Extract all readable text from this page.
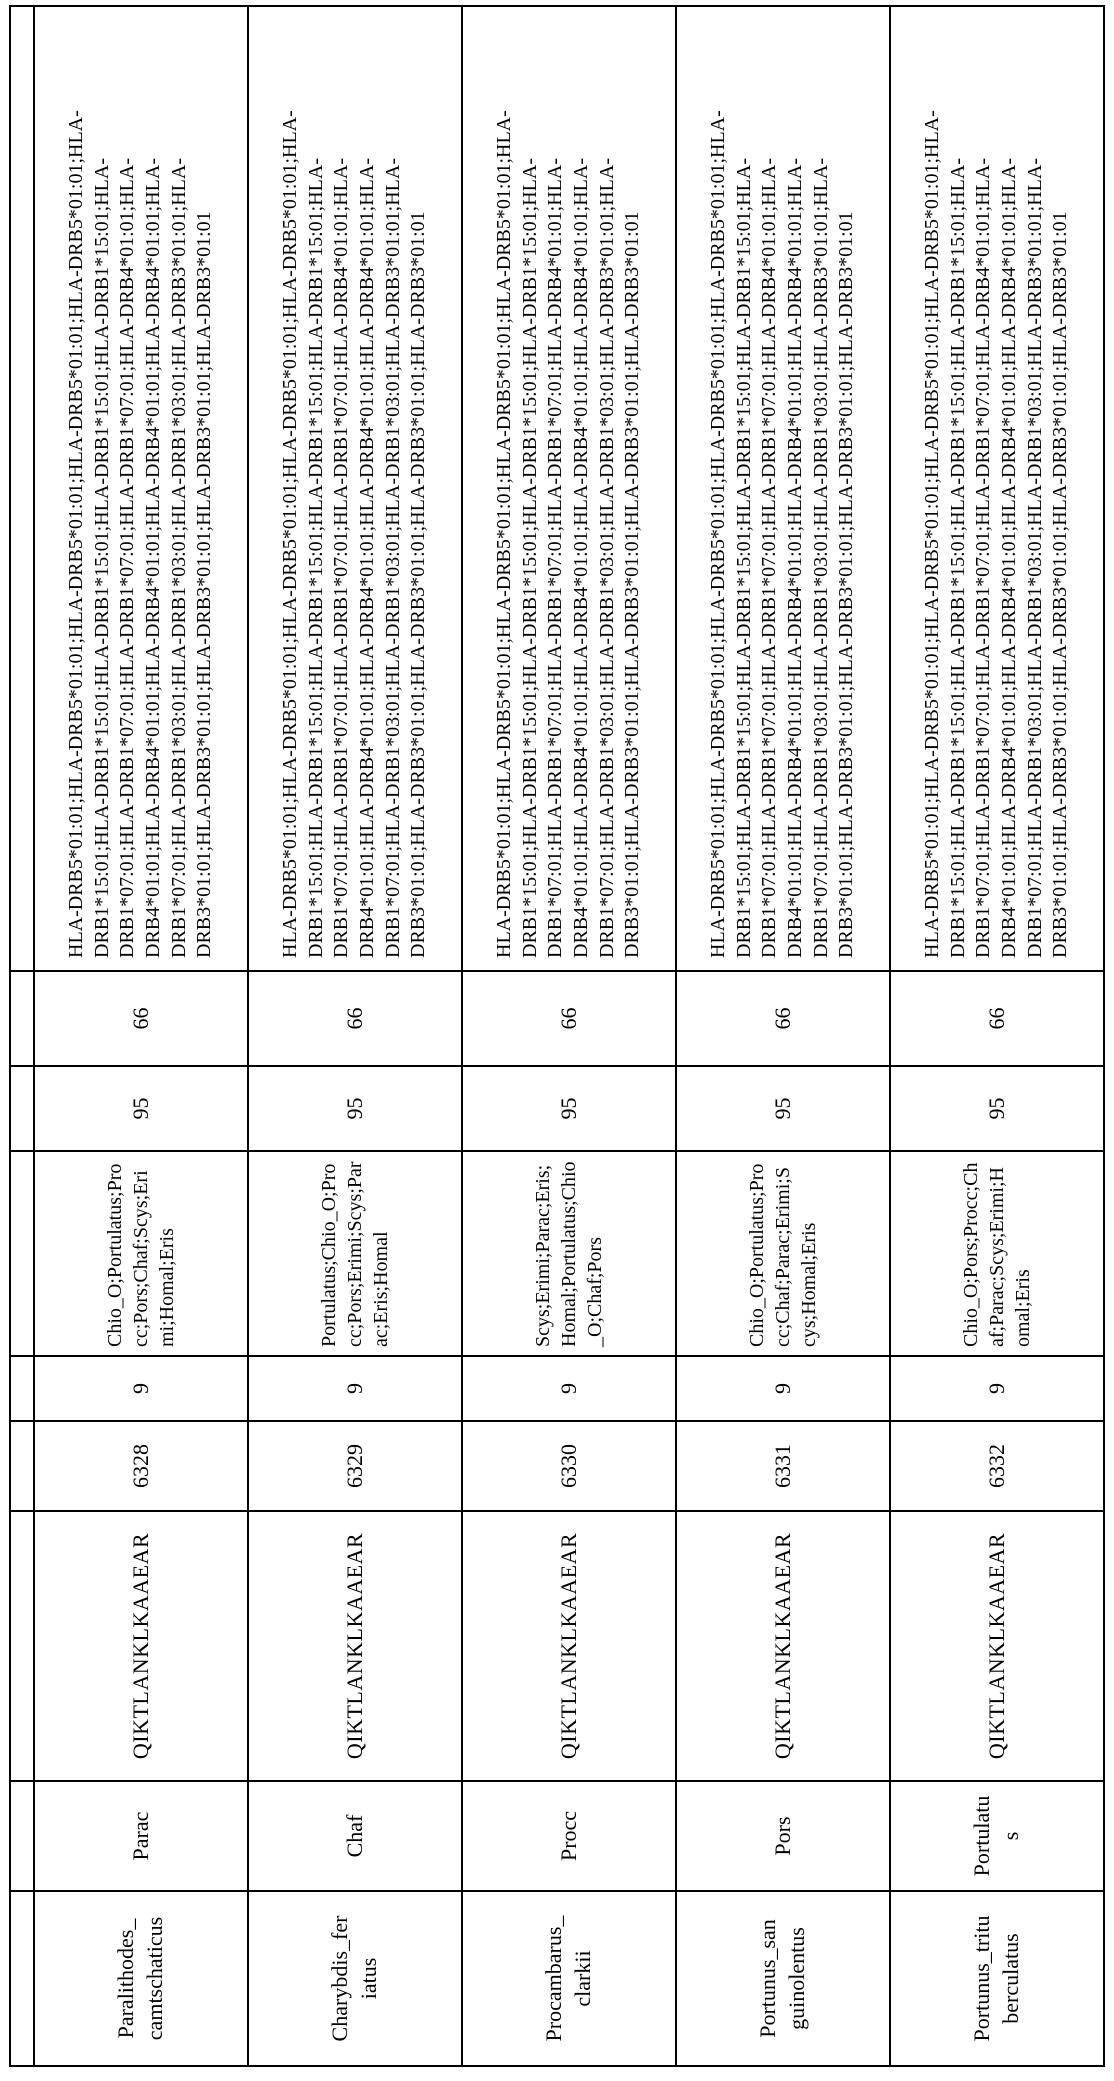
Paralithodes_camtschaticus	Parac	QIKTLANKLKAAEAR	6328	9	Chio_O;Portulatus;Procc;Pors;Chaf;Scys;Erimi;Homal;Eris	95	66	HLA-DRB5*01:01;HLA-DRB5*01:01;HLA-DRB5*01:01;HLA-DRB5*01:01;HLA-DRB5*01:01;HLA-DRB1*15:01;HLA-DRB1*15:01;HLA-DRB1*15:01;HLA-DRB1*15:01;HLA-DRB1*15:01;HLA-DRB1*07:01;HLA-DRB1*07:01;HLA-DRB1*07:01;HLA-DRB1*07:01;HLA-DRB4*01:01;HLA-DRB4*01:01;HLA-DRB4*01:01;HLA-DRB4*01:01;HLA-DRB4*01:01;HLA-DRB4*01:01;HLA-DRB1*07:01;HLA-DRB1*03:01;HLA-DRB1*03:01;HLA-DRB1*03:01;HLA-DRB3*01:01;HLA-DRB3*01:01;HLA-DRB3*01:01;HLA-DRB3*01:01;HLA-DRB3*01:01;HLA-DRB3*01:01
Charybdis_feriatus	Chaf	QIKTLANKLKAAEAR	6329	9	Portulatus;Chio_O;Procc;Pors;Erimi;Scys;Parac;Eris;Homal	95	66	HLA-DRB5*01:01;HLA-DRB5*01:01;HLA-DRB5*01:01;HLA-DRB5*01:01;HLA-DRB5*01:01;HLA-DRB1*15:01;HLA-DRB1*15:01;HLA-DRB1*15:01;HLA-DRB1*15:01;HLA-DRB1*15:01;HLA-DRB1*07:01;HLA-DRB1*07:01;HLA-DRB1*07:01;HLA-DRB1*07:01;HLA-DRB4*01:01;HLA-DRB4*01:01;HLA-DRB4*01:01;HLA-DRB4*01:01;HLA-DRB4*01:01;HLA-DRB4*01:01;HLA-DRB1*07:01;HLA-DRB1*03:01;HLA-DRB1*03:01;HLA-DRB1*03:01;HLA-DRB3*01:01;HLA-DRB3*01:01;HLA-DRB3*01:01;HLA-DRB3*01:01;HLA-DRB3*01:01;HLA-DRB3*01:01
Procambarus_clarkii	Procc	QIKTLANKLKAAEAR	6330	9	Scys;Erimi;Parac;Eris;Homal;Portulatus;Chio_O;Chaf;Pors	95	66	HLA-DRB5*01:01;HLA-DRB5*01:01;HLA-DRB5*01:01;HLA-DRB5*01:01;HLA-DRB5*01:01;HLA-DRB1*15:01;HLA-DRB1*15:01;HLA-DRB1*15:01;HLA-DRB1*15:01;HLA-DRB1*15:01;HLA-DRB1*07:01;HLA-DRB1*07:01;HLA-DRB1*07:01;HLA-DRB1*07:01;HLA-DRB4*01:01;HLA-DRB4*01:01;HLA-DRB4*01:01;HLA-DRB4*01:01;HLA-DRB4*01:01;HLA-DRB4*01:01;HLA-DRB1*07:01;HLA-DRB1*03:01;HLA-DRB1*03:01;HLA-DRB1*03:01;HLA-DRB3*01:01;HLA-DRB3*01:01;HLA-DRB3*01:01;HLA-DRB3*01:01;HLA-DRB3*01:01;HLA-DRB3*01:01
Portunus_sanguinolentus	Pors	QIKTLANKLKAAEAR	6331	9	Chio_O;Portulatus;Procc;Chaf;Parac;Erimi;Scys;Homal;Eris	95	66	HLA-DRB5*01:01;HLA-DRB5*01:01;HLA-DRB5*01:01;HLA-DRB5*01:01;HLA-DRB5*01:01;HLA-DRB1*15:01;HLA-DRB1*15:01;HLA-DRB1*15:01;HLA-DRB1*15:01;HLA-DRB1*15:01;HLA-DRB1*07:01;HLA-DRB1*07:01;HLA-DRB1*07:01;HLA-DRB1*07:01;HLA-DRB4*01:01;HLA-DRB4*01:01;HLA-DRB4*01:01;HLA-DRB4*01:01;HLA-DRB4*01:01;HLA-DRB4*01:01;HLA-DRB1*07:01;HLA-DRB1*03:01;HLA-DRB1*03:01;HLA-DRB1*03:01;HLA-DRB3*01:01;HLA-DRB3*01:01;HLA-DRB3*01:01;HLA-DRB3*01:01;HLA-DRB3*01:01;HLA-DRB3*01:01
Portunus_trituberculatus	Portulatus	QIKTLANKLKAAEAR	6332	9	Chio_O;Pors;Procc;Chaf;Parac;Scys;Erimi;Homal;Eris	95	66	HLA-DRB5*01:01;HLA-DRB5*01:01;HLA-DRB5*01:01;HLA-DRB5*01:01;HLA-DRB5*01:01;HLA-DRB1*15:01;HLA-DRB1*15:01;HLA-DRB1*15:01;HLA-DRB1*15:01;HLA-DRB1*15:01;HLA-DRB1*07:01;HLA-DRB1*07:01;HLA-DRB1*07:01;HLA-DRB1*07:01;HLA-DRB4*01:01;HLA-DRB4*01:01;HLA-DRB4*01:01;HLA-DRB4*01:01;HLA-DRB4*01:01;HLA-DRB4*01:01;HLA-DRB1*07:01;HLA-DRB1*03:01;HLA-DRB1*03:01;HLA-DRB1*03:01;HLA-DRB3*01:01;HLA-DRB3*01:01;HLA-DRB3*01:01;HLA-DRB3*01:01;HLA-DRB3*01:01;HLA-DRB3*01:01
